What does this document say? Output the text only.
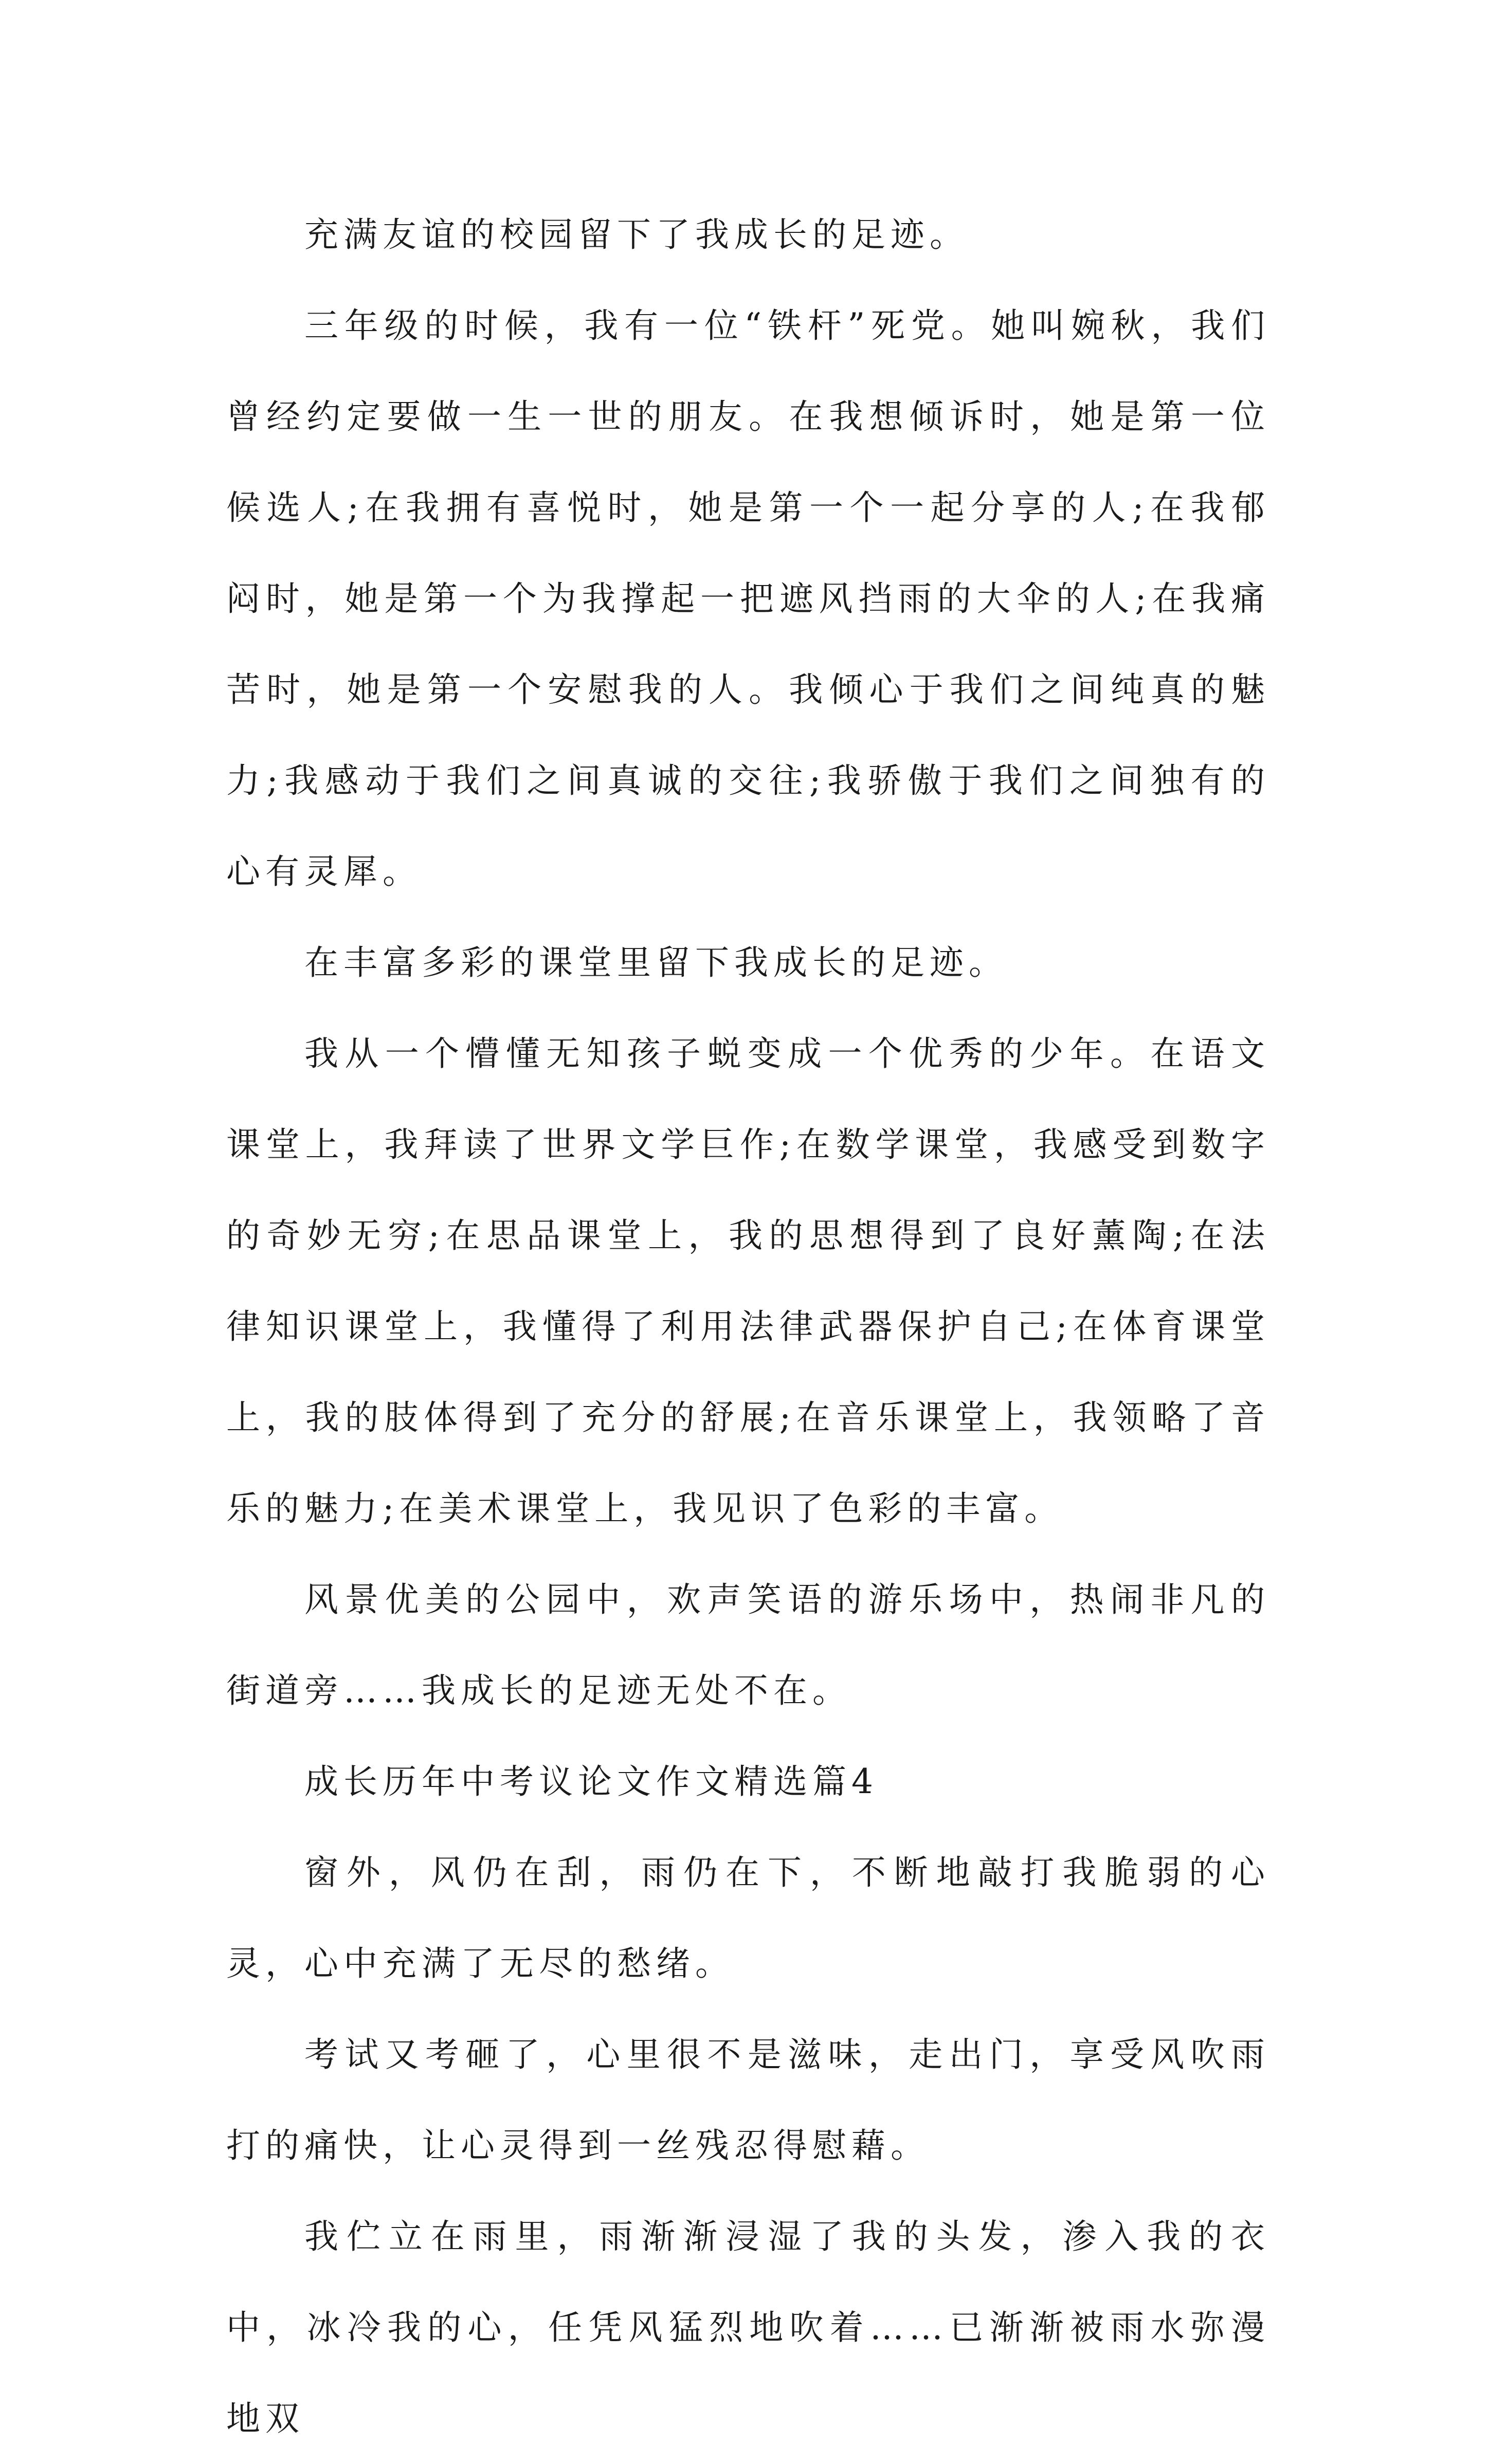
充满友谊的校园留下了我成长的足迹。

三年级的时候，我有一位“铁杆”死党。她叫婉秋，我们曾经约定要做一生一世的朋友。在我想倾诉时，她是第一位候选人;在我拥有喜悦时，她是第一个一起分享的人;在我郁闷时，她是第一个为我撑起一把遮风挡雨的大伞的人;在我痛苦时，她是第一个安慰我的人。我倾心于我们之间纯真的魅力;我感动于我们之间真诚的交往;我骄傲于我们之间独有的心有灵犀。

在丰富多彩的课堂里留下我成长的足迹。

我从一个懵懂无知孩子蜕变成一个优秀的少年。在语文课堂上，我拜读了世界文学巨作;在数学课堂，我感受到数字的奇妙无穷;在思品课堂上，我的思想得到了良好薰陶;在法律知识课堂上，我懂得了利用法律武器保护自己;在体育课堂上，我的肢体得到了充分的舒展;在音乐课堂上，我领略了音乐的魅力;在美术课堂上，我见识了色彩的丰富。

风景优美的公园中，欢声笑语的游乐场中，热闹非凡的街道旁……我成长的足迹无处不在。

成长历年中考议论文作文精选篇4

窗外，风仍在刮，雨仍在下，不断地敲打我脆弱的心灵，心中充满了无尽的愁绪。

考试又考砸了，心里很不是滋味，走出门，享受风吹雨打的痛快，让心灵得到一丝残忍得慰藉。

我伫立在雨里，雨渐渐浸湿了我的头发，渗入我的衣中，冰冷我的心，任凭风猛烈地吹着……已渐渐被雨水弥漫地双
